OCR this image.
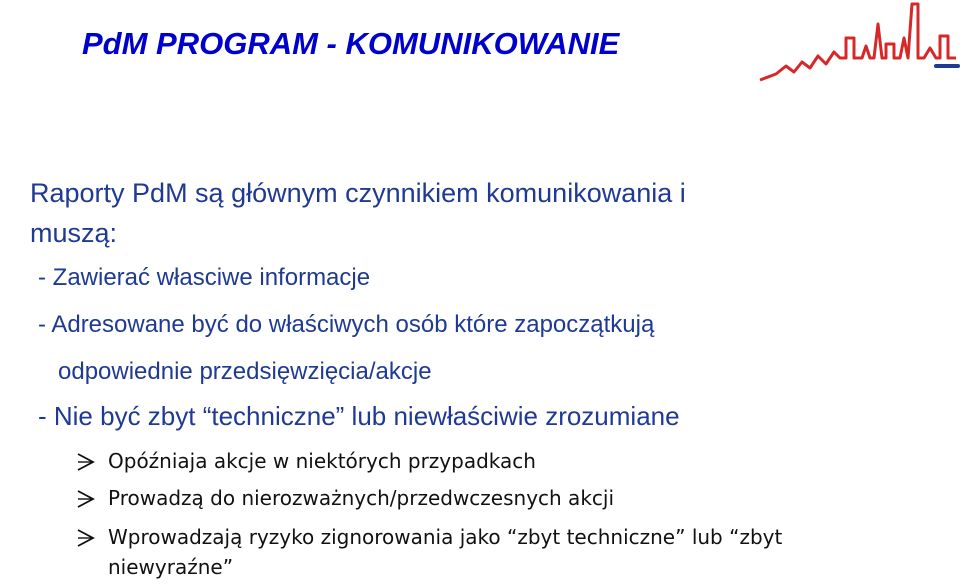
PdM PROGRAM - KOMUNIKOWANIE
Raporty PdM są głównym czynnikiem komunikowania i
muszą:
- Zawierać własciwe informacje
- Adresowane być do właściwych osób które zapoczątkują
odpowiednie przedsięwzięcia/akcje
- Nie być zbyt “techniczne” lub niewłaściwie zrozumiane
Opóźniaja akcje w niektórych przypadkach
Prowadzą do nierozważnych/przedwczesnych akcji
Wprowadzają ryzyko zignorowania jako “zbyt techniczne” lub “zbyt
niewyraźne”
